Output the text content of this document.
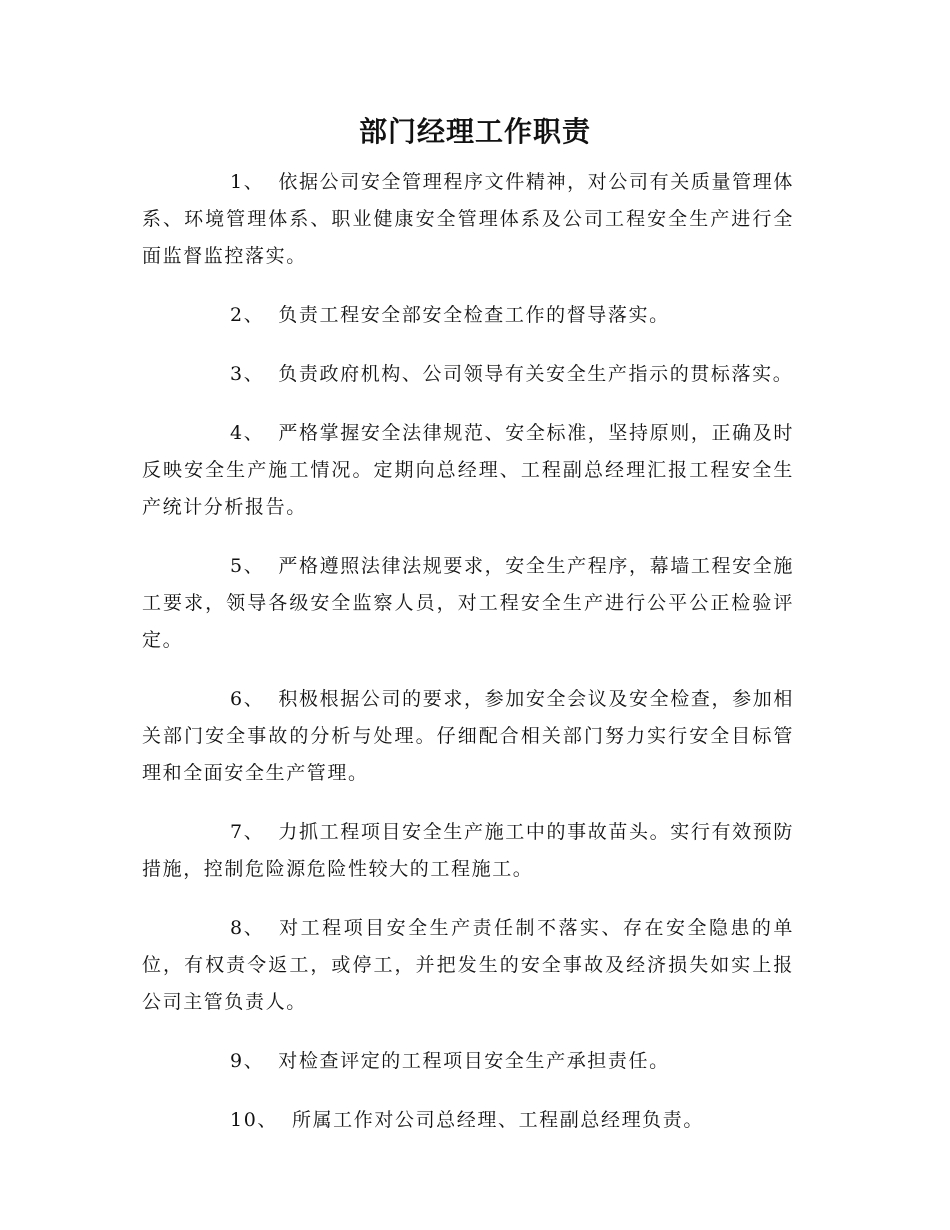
部门经理工作职责

1、 依据公司安全管理程序文件精神，对公司有关质量管理体系、环境管理体系、职业健康安全管理体系及公司工程安全生产进行全面监督监控落实。

2、 负责工程安全部安全检查工作的督导落实。

3、 负责政府机构、公司领导有关安全生产指示的贯标落实。

4、 严格掌握安全法律规范、安全标准，坚持原则，正确及时反映安全生产施工情况。定期向总经理、工程副总经理汇报工程安全生产统计分析报告。

5、 严格遵照法律法规要求，安全生产程序，幕墙工程安全施工要求，领导各级安全监察人员，对工程安全生产进行公平公正检验评定。

6、 积极根据公司的要求，参加安全会议及安全检查，参加相关部门安全事故的分析与处理。仔细配合相关部门努力实行安全目标管理和全面安全生产管理。

7、 力抓工程项目安全生产施工中的事故苗头。实行有效预防措施，控制危险源危险性较大的工程施工。

8、 对工程项目安全生产责任制不落实、存在安全隐患的单位，有权责令返工，或停工，并把发生的安全事故及经济损失如实上报公司主管负责人。

9、 对检查评定的工程项目安全生产承担责任。

10、 所属工作对公司总经理、工程副总经理负责。
